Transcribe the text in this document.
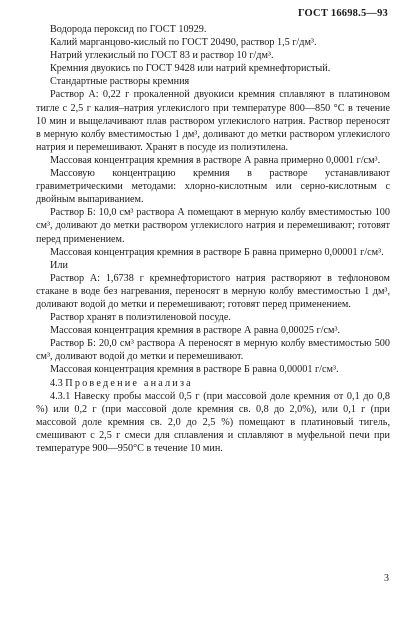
ГОСТ 16698.5—93

Водорода пероксид по ГОСТ 10929.

Калий марганцово-кислый по ГОСТ 20490, раствор 1,5 г/дм³.

Натрий углекислый по ГОСТ 83 и раствор 10 г/дм³.

Кремния двуокись по ГОСТ 9428 или натрий кремнефтористый.

Стандартные растворы кремния

Раствор А: 0,22 г прокаленной двуокиси кремния сплавляют в платиновом тигле с 2,5 г калия–натрия углекислого при температуре 800—850 °С в течение 10 мин и выщелачивают плав раствором углекислого натрия. Раствор переносят в мерную колбу вместимостью 1 дм³, доливают до метки раствором углекислого натрия и перемешивают. Хранят в посуде из полиэтилена.

Массовая концентрация кремния в растворе А равна примерно 0,0001 г/см³.

Массовую концентрацию кремния в растворе устанавливают гравиметрическими методами: хлорно-кислотным или серно-кислотным с двойным выпариванием.

Раствор Б: 10,0 см³ раствора А помещают в мерную колбу вместимостью 100 см³, доливают до метки раствором углекислого натрия и перемешивают; готовят перед применением.

Массовая концентрация кремния в растворе Б равна примерно 0,00001 г/см³.

Или

Раствор А: 1,6738 г кремнефтористого натрия растворяют в тефлоновом стакане в воде без нагревания, переносят в мерную колбу вместимостью 1 дм³, доливают водой до метки и перемешивают; готовят перед применением.

Раствор хранят в полиэтиленовой посуде.

Массовая концентрация кремния в растворе А равна 0,00025 г/см³.

Раствор Б: 20,0 см³ раствора А переносят в мерную колбу вместимостью 500 см³, доливают водой до метки и перемешивают.

Массовая концентрация кремния в растворе Б равна 0,00001 г/см³.

4.3 Проведение анализа

4.3.1 Навеску пробы массой 0,5 г (при массовой доле кремния от 0,1 до 0,8 %) или 0,2 г (при массовой доле кремния св. 0,8 до 2,0%), или 0,1 г (при массовой доле кремния св. 2,0 до 2,5 %) помещают в платиновый тигель, смешивают с 2,5 г смеси для сплавления и сплавляют в муфельной печи при температуре 900—950°С в течение 10 мин.

3
